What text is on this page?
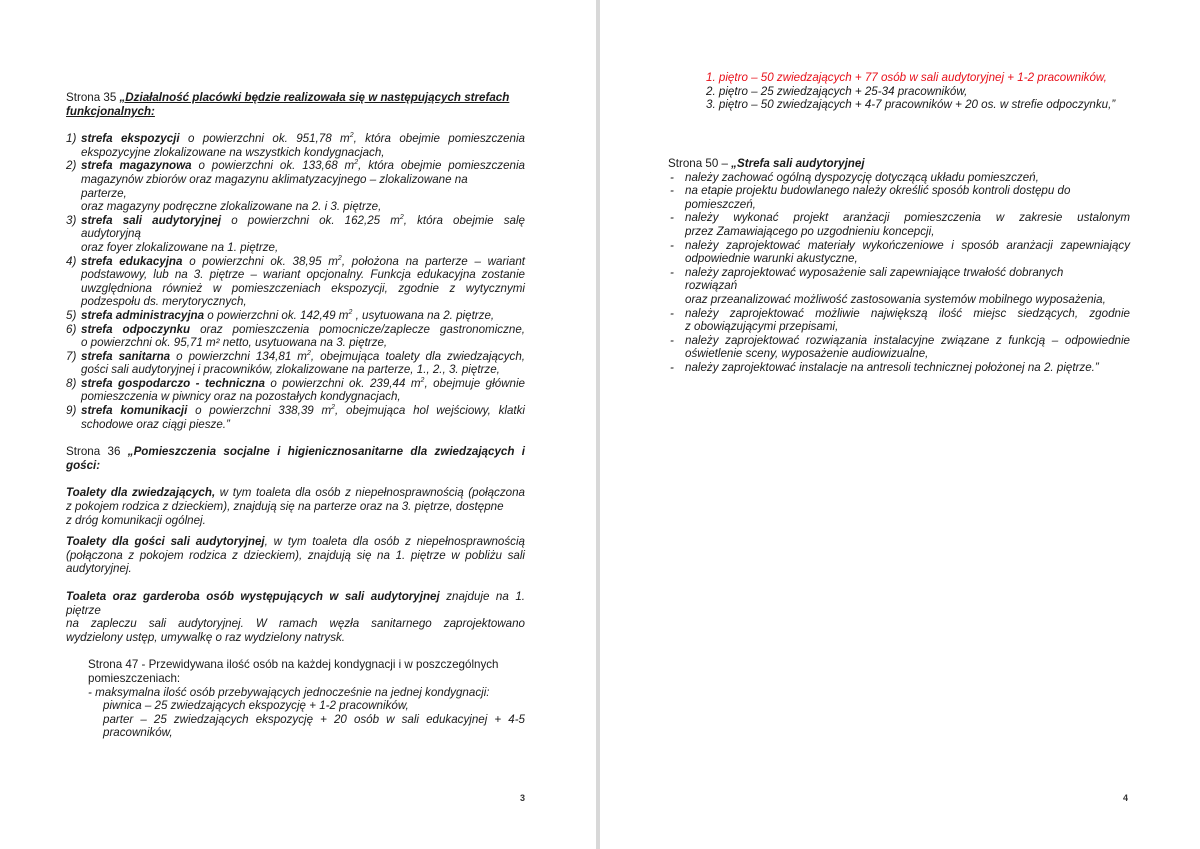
Strona 35 „Działalność placówki będzie realizowała się w następujących strefach
funkcjonalnych:
1) strefa ekspozycji o powierzchni ok. 951,78 $m^2$, która obejmie pomieszczenia
ekspozycyjne zlokalizowane na wszystkich kondygnacjach,
2) strefa magazynowa o powierzchni ok. 133,68 $m^2$, która obejmie pomieszczenia
magazynów zbiorów oraz magazynu aklimatyzacyjnego – zlokalizowane na
parterze,
oraz magazyny podręczne zlokalizowane na 2. i 3. piętrze,
3) strefa sali audytoryjnej o powierzchni ok. 162,25 $m^2$, która obejmie salę
audytoryjną
oraz foyer zlokalizowane na 1. piętrze,
4) strefa edukacyjna o powierzchni ok. 38,95 $m^2$, położona na parterze – wariant
podstawowy, lub na 3. piętrze – wariant opcjonalny. Funkcja edukacyjna zostanie
uwzględniona również w pomieszczeniach ekspozycji, zgodnie z wytycznymi
podzespołu ds. merytorycznych,
5) strefa administracyjna o powierzchni ok. 142,49 $m^2$ , usytuowana na 2. piętrze,
6) strefa odpoczynku oraz pomieszczenia pomocnicze/zaplecze gastronomiczne,
o powierzchni ok. 95,71 m² netto, usytuowana na 3. piętrze,
7) strefa sanitarna o powierzchni 134,81 $m^2$, obejmująca toalety dla zwiedzających,
gości sali audytoryjnej i pracowników, zlokalizowane na parterze, 1., 2., 3. piętrze,
8) strefa gospodarczo - techniczna o powierzchni ok. 239,44 $m^2$, obejmuje głównie
pomieszczenia w piwnicy oraz na pozostałych kondygnacjach,
9) strefa komunikacji o powierzchni 338,39 $m^2$, obejmująca hol wejściowy, klatki
schodowe oraz ciągi piesze.”
Strona 36 „Pomieszczenia socjalne i higienicznosanitarne dla zwiedzających i
gości:
Toalety dla zwiedzających, w tym toaleta dla osób z niepełnosprawnością (połączona
z pokojem rodzica z dzieckiem), znajdują się na parterze oraz na 3. piętrze, dostępne
z dróg komunikacji ogólnej.
Toalety dla gości sali audytoryjnej, w tym toaleta dla osób z niepełnosprawnością
(połączona z pokojem rodzica z dzieckiem), znajdują się na 1. piętrze w pobliżu sali
audytoryjnej.
Toaleta oraz garderoba osób występujących w sali audytoryjnej znajduje na 1.
piętrze
na zapleczu sali audytoryjnej. W ramach węzła sanitarnego zaprojektowano
wydzielony ustęp, umywalkę o raz wydzielony natrysk.
Strona 47 - Przewidywana ilość osób na każdej kondygnacji i w poszczególnych
pomieszczeniach:
- maksymalna ilość osób przebywających jednocześnie na jednej kondygnacji:
piwnica – 25 zwiedzających ekspozycję + 1-2 pracowników,
parter – 25 zwiedzających ekspozycję + 20 osób w sali edukacyjnej + 4-5
pracowników,
3
1. piętro – 50 zwiedzających + 77 osób w sali audytoryjnej + 1-2 pracowników,
2. piętro – 25 zwiedzających + 25-34 pracowników,
3. piętro – 50 zwiedzających + 4-7 pracowników + 20 os. w strefie odpoczynku,”
Strona 50 – „Strefa sali audytoryjnej
- należy zachować ogólną dyspozycję dotyczącą układu pomieszczeń,
- na etapie projektu budowlanego należy określić sposób kontroli dostępu do
pomieszczeń,
- należy wykonać projekt aranżacji pomieszczenia w zakresie ustalonym
przez Zamawiającego po uzgodnieniu koncepcji,
- należy zaprojektować materiały wykończeniowe i sposób aranżacji zapewniający
odpowiednie warunki akustyczne,
- należy zaprojektować wyposażenie sali zapewniające trwałość dobranych
rozwiązań
oraz przeanalizować możliwość zastosowania systemów mobilnego wyposażenia,
- należy zaprojektować możliwie największą ilość miejsc siedzących, zgodnie
z obowiązującymi przepisami,
- należy zaprojektować rozwiązania instalacyjne związane z funkcją – odpowiednie
oświetlenie sceny, wyposażenie audiowizualne,
- należy zaprojektować instalacje na antresoli technicznej położonej na 2. piętrze.”
4
